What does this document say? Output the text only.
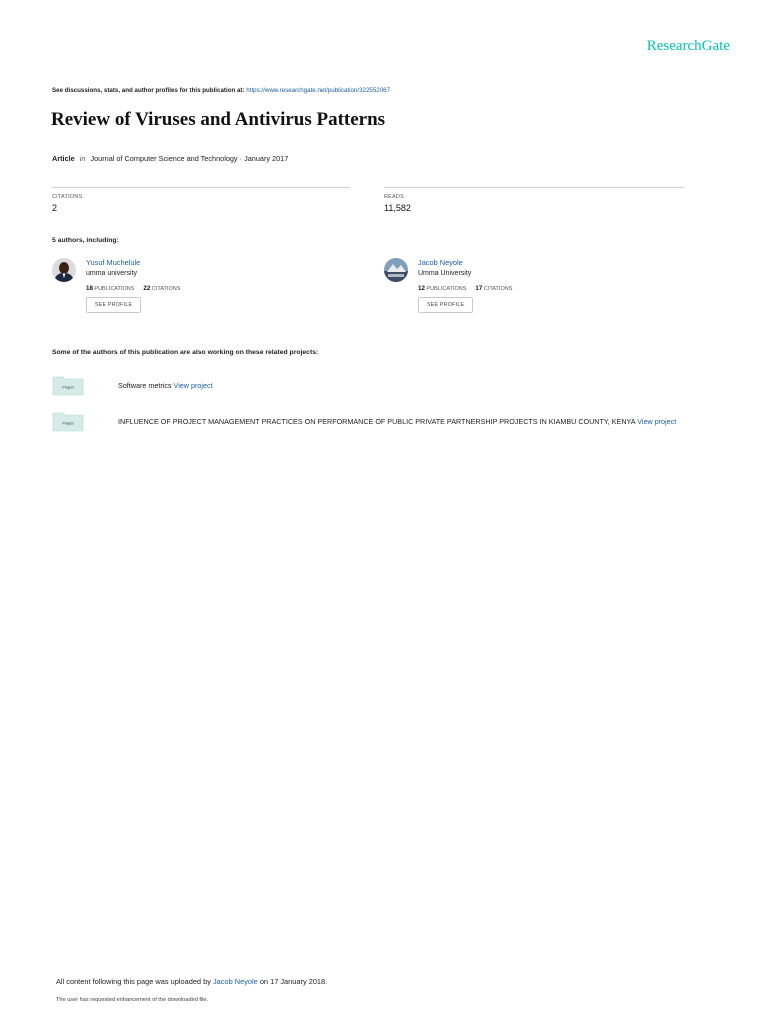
ResearchGate
See discussions, stats, and author profiles for this publication at: https://www.researchgate.net/publication/322552067
Review of Viruses and Antivirus Patterns
Article in Journal of Computer Science and Technology · January 2017
CITATIONS
2
READS
11,582
5 authors, including:
Yusuf Muchelule
umma university
18 PUBLICATIONS 22 CITATIONS
SEE PROFILE
Jacob Neyole
Umma University
12 PUBLICATIONS 17 CITATIONS
SEE PROFILE
Some of the authors of this publication are also working on these related projects:
Project	Software metrics View project
Project	INFLUENCE OF PROJECT MANAGEMENT PRACTICES ON PERFORMANCE OF PUBLIC PRIVATE PARTNERSHIP PROJECTS IN KIAMBU COUNTY, KENYA View project
All content following this page was uploaded by Jacob Neyole on 17 January 2018.
The user has requested enhancement of the downloaded file.
